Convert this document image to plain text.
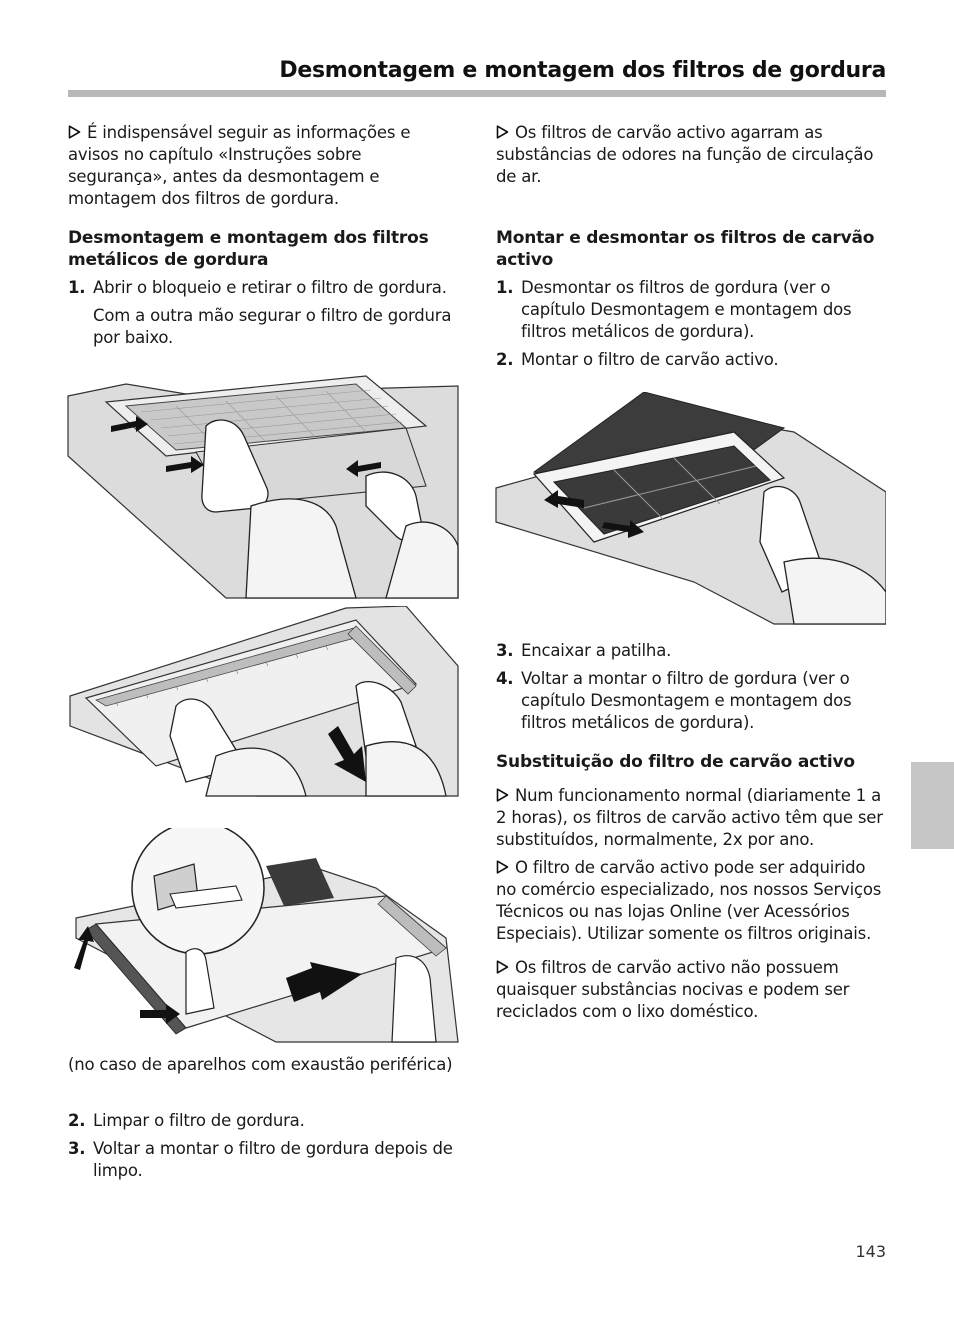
Desmontagem e montagem dos filtros de gordura

É indispensável seguir as informações e avisos no capítulo «Instruções sobre segurança», antes da desmontagem e montagem dos filtros de gordura.

Desmontagem e montagem dos filtros metálicos de gordura
1. Abrir o bloqueio e retirar o filtro de gordura.
Com a outra mão segurar o filtro de gordura por baixo.

(no caso de aparelhos com exaustão periférica)

2. Limpar o filtro de gordura.
3. Voltar a montar o filtro de gordura depois de limpo.

Os filtros de carvão activo agarram as substâncias de odores na função de circulação de ar.

Montar e desmontar os filtros de carvão activo
1. Desmontar os filtros de gordura (ver o capítulo Desmontagem e montagem dos filtros metálicos de gordura).
2. Montar o filtro de carvão activo.
3. Encaixar a patilha.
4. Voltar a montar o filtro de gordura (ver o capítulo Desmontagem e montagem dos filtros metálicos de gordura).
Substituição do filtro de carvão activo

Num funcionamento normal (diariamente 1 a 2 horas), os filtros de carvão activo têm que ser substituídos, normalmente, 2x por ano.

O filtro de carvão activo pode ser adquirido no comércio especializado, nos nossos Serviços Técnicos ou nas lojas Online (ver Acessórios Especiais). Utilizar somente os filtros originais.

Os filtros de carvão activo não possuem quaisquer substâncias nocivas e podem ser reciclados com o lixo doméstico.

143
